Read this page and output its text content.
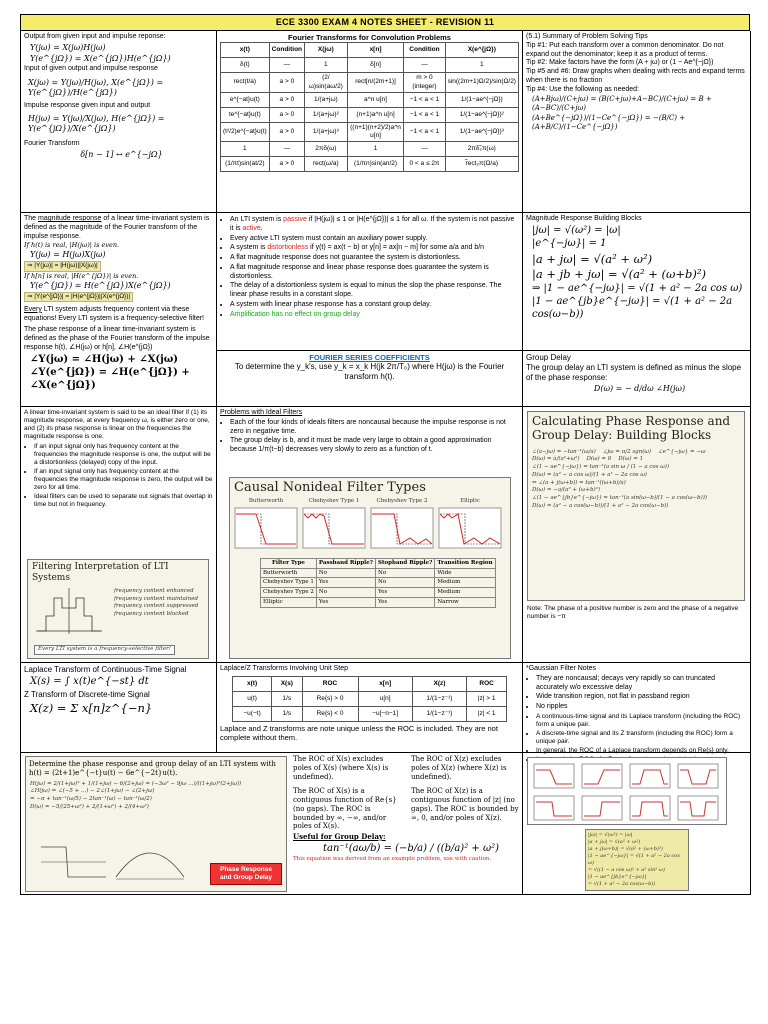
ECE 3300 EXAM 4 NOTES SHEET - REVISION 11
Output from given input and impulse reponse:
Y(jω) = X(jω)H(jω)
Y(e^{jΩ}) = X(e^{jΩ})H(e^{jΩ})
Input of given output and impulse response
X(jω) = Y(jω)/H(jω), X(e^{jΩ}) = Y(e^{jΩ})/H(e^{jΩ})
Impulse response given input and output
H(jω) = Y(jω)/X(jω), H(e^{jΩ}) = Y(e^{jΩ})/X(e^{jΩ})
Fourier Transform
δ[n − 1] ↔ e^{−jΩ}
Fourier Transforms for Convolution Problems
x(t)	Condition	X(jω)	x[n]	Condition	X(e^{jΩ})
δ(t)	—	1	δ[n]	—	1
rect(t/a)	a > 0	(2/ω)sin(aω/2)	rect[n/(2m+1)]	m > 0 (integer)	sin((2m+1)Ω/2)/sin(Ω/2)
e^{−at}u(t)	a > 0	1/(a+jω)	a^n u[n]	−1 < a < 1	1/(1−ae^{−jΩ})
te^{−at}u(t)	a > 0	1/(a+jω)²	(n+1)a^n u[n]	−1 < a < 1	1/(1−ae^{−jΩ})²
(t²/2)e^{−at}u(t)	a > 0	1/(a+jω)³	((n+1)(n+2)/2)a^n u[n]	−1 < a < 1	1/(1−ae^{−jΩ})³
1	—	2πδ(ω)	1	—	2πδ̃₂π(ω)
(1/πt)sin(at/2)	a > 0	rect(ω/a)	(1/πn)sin(an/2)	0 < a ≤ 2π	r̃ect₂π(Ω/a)
(5.1) Summary of Problem Solving Tips
Tip #1: Put each transform over a common denominator. Do not expand out the denominator; keep it as a product of terms.
Tip #2: Make factors have the form (A + jω) or (1 − Ae^{−jΩ})
Tip #5 and #6: Draw graphs when dealing with rects and expand terms when there is no fraction
Tip #4: Use the following as needed:
(A+Bjω)/(C+jω) = (B(C+jω)+A−BC)/(C+jω) = B + (A−BC)/(C+jω)
(A+Be^{−jΩ})/(1−Ce^{−jΩ}) = −(B/C) + (A+B/C)/(1−Ce^{−jΩ})
The magnitude response of a linear time-invariant system is defined as the magnitude of the Fourier transform of the impulse response.
If h(t) is real, |H(jω)| is even.
Y(jω) = H(jω)X(jω)
⇒ |Y(jω)| = |H(jω)||X(jω)|
If h[n] is real, |H(e^{jΩ})| is even.
Y(e^{jΩ}) = H(e^{jΩ})X(e^{jΩ})
⇒ |Y(e^{jΩ})| = |H(e^{jΩ})||X(e^{jΩ})|
Every LTI system adjusts frequency content via these equations! Every LTI system is a frequency-selective filter!
The phase response of a linear time-invariant system is defined as the phase of the Fourier transform of the impulse response h(t), ∠H(jω) or h[n], ∠H(e^{jΩ})
∠Y(jω) = ∠H(jω) + ∠X(jω)
∠Y(e^{jΩ}) = ∠H(e^{jΩ}) + ∠X(e^{jΩ})
• An LTI system is passive if |H(jω)| ≤ 1 or |H(e^{jΩ})| ≤ 1 for all ω. If the system is not passive it is active.
• Every active LTI system must contain an auxiliary power supply.
• A system is distortionless if y(t) = ax(t − b) or y[n] = ax[n − m] for some a/a and b/n
• A flat magnitude response does not guarantee the system is distortionless.
• A flat magnitude response and linear phase response does guarantee the system is distortionless.
• The delay of a distortionless system is equal to minus the slop the phase response. The linear phase results in a constant slope.
• A system with linear phase response has a constant group delay.
• Amplification has no effect on group delay
Magnitude Response Building Blocks
|jω| = √(ω²) = |ω|
|e^{−jω}| = 1
|a + jω| = √(a² + ω²)
|a + jb + jω| = √(a² + (ω+b)²)
⇒ |1 − ae^{−jω}| = √(1 + a² − 2a cos ω)
|1 − ae^{jb}e^{−jω}| = √(1 + a² − 2a cos(ω−b))
FOURIER SERIES COEFFICIENTS
To determine the y_k's, use y_k = x_k H(jk 2π/T₀) where H(jω) is the Fourier transform h(t).
Group Delay
The group delay an LTI system is defined as minus the slope of the phase response:
D(ω) = − d/dω ∠H(jω)
A linear time-invariant system is said to be an ideal filter if (1) its magnitude response, at every frequency ω, is either zero or one, and (2) its phase response is linear on the frequencies the magnitude response is one.
• If an input signal only has frequency content at the frequencies the magnitude response is one, the output will be a distortionless (delayed) copy of the input.
• If an input signal only has frequency content at the frequencies the magnitude response is zero, the output will be zero for all time.
• Ideal filters can be used to separate out signals that overlap in time but not in frequency.
Filtering Interpretation of LTI Systems
frequency content enhanced
frequency content maintained
frequency content suppressed
frequency content blocked
Every LTI system is a frequency-selective filter!
Problems with Ideal Filters
• Each of the four kinds of ideals filters are noncausal because the impulse response is not zero in negative time.
• The group delay is b, and it must be made very large to obtain a good approximation because 1/π(t−b) decreases very slowly to zero as a function of t.
Causal Nonideal Filter Types
Butterworth	Chebyshev Type 1	Chebyshev Type 2	Elliptic
Filter Type	Passband Ripple?	Stopband Ripple?	Transition Region
Butterworth	No	No	Wide
Chebyshev Type 1	Yes	No	Medium
Chebyshev Type 2	No	Yes	Medium
Elliptic	Yes	Yes	Narrow
Calculating Phase Response and Group Delay: Building Blocks
∠(a−jω) = −tan⁻¹(ω/a)    ∠jω = π/2 sgn(ω)    ∠e^{−jω} = −ω
D(ω) = a/(a²+ω²)    D(ω) = 0    D(ω) = 1
∠(1 − ae^{−jω}) = tan⁻¹(a sin ω / (1 − a cos ω))
D(ω) = (a² − a cos ω)/(1 + a² − 2a cos ω)
⇒ ∠(a + j(ω+b)) = tan⁻¹((ω+b)/a)
D(ω) = −a/(a² + (ω+b)²)
∠(1 − ae^{jb}e^{−jω}) = tan⁻¹(a sin(ω−b)/(1 − a cos(ω−b)))
D(ω) = (a² − a cos(ω−b))/(1 + a² − 2a cos(ω−b))
Note: The phase of a positive number is zero and the phase of a negative number is −π
Laplace Transform of Continuous-Time Signal
X(s) = ∫ x(t)e^{−st} dt
Z Transform of Discrete-time Signal
X(z) = Σ x[n]z^{−n}
Laplace/Z Transforms Involving Unit Step
x(t)	X(s)	ROC	x[n]	X(z)	ROC
u(t)	1/s	Re{s} > 0	u[n]	1/(1−z⁻¹)	|z| > 1
−u(−t)	1/s	Re{s} < 0	−u[−n−1]	1/(1−z⁻¹)	|z| < 1
Laplace and Z transforms are note unique unless the ROC is included. They are not complete without them.
*Gaussian Filter Notes
• They are noncausal; decays very rapidly so can truncated accurately w/o excessive delay
• Wide transition region, not flat in passband region
• No ripples
• A continuous-time signal and its Laplace transform (including the ROC) form a unique pair.
• A discrete-time signal and its Z transform (including the ROC) form a unique pair.
• In general, the ROC of a Laplace transform depends on Re{s} only.
•
Determine the phase response and group delay of an LTI system with h(t) = (2t+1)e^{−t}u(t) − 6e^{−2t}u(t).
H(jω) = 2/(1+jω)² + 1/(1+jω) − 6/(2+jω) = (−3ω² − 9jω ...)/((1+jω)²(2+jω))
∠H(jω) = ∠(−5 + ...) − 2∠(1+jω) − ∠(2+jω)
= −π + tan⁻¹(ω/5) − 2tan⁻¹(ω) − tan⁻¹(ω/2)
D(ω) = −5/(25+ω²) + 2/(1+ω²) + 2/(4+ω²)
Phase Response and Group Delay
The ROC of X(s) excludes poles of X(s) (where X(s) is undefined).
The ROC of X(z) excludes poles of X(z) (where X(z) is undefined).
The ROC of X(s) is a contiguous function of Re{s} (no gaps). The ROC is bounded by ∞, −∞, and/or poles of X(s).
The ROC of X(z) is a contiguous function of |z| (no gaps). The ROC is bounded by ∞, 0, and/or poles of X(z).
Useful for Group Delay:
tan⁻¹(aω/b) = (−b/a) / ((b/a)² + ω²)
This equation was derived from an example problem, use with caution.
|jω| = √(ω²) = |ω|
|a + jω| = √(a² + ω²)
|a + j(ω+b)| = √(a² + (ω+b)²)
|1 − ae^{−jω}| = √(1 + a² − 2a cos ω)
= √((1 − a cos ω)² + a² sin² ω)
|1 − ae^{jb}e^{−jω}|
= √(1 + a² − 2a cos(ω−b))
